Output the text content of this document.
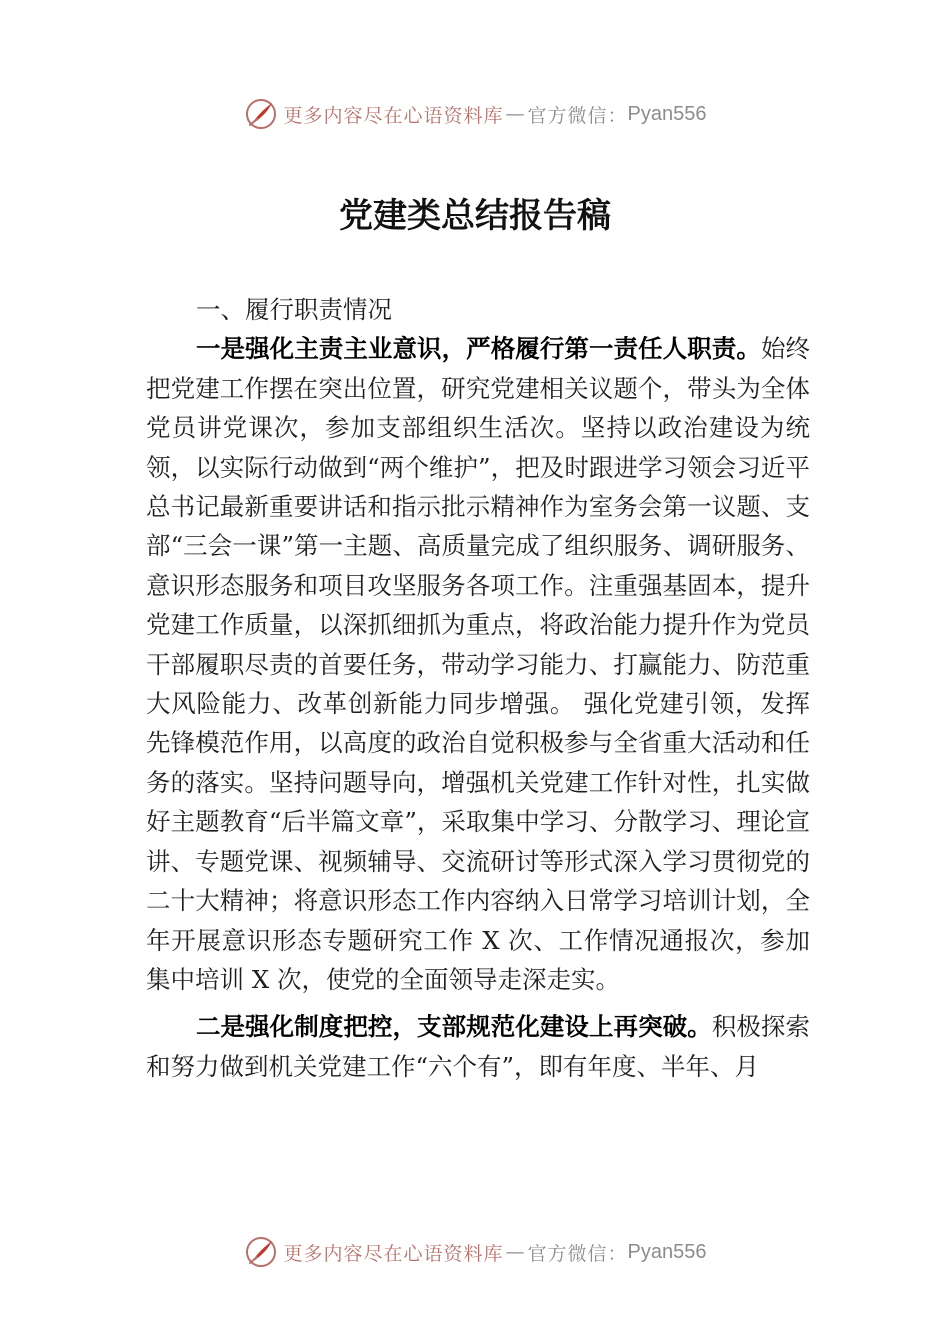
更多内容尽在心语资料库 — 官方微信： Pyan556
党建类总结报告稿

一、履行职责情况

一是强化主责主业意识，严格履行第一责任人职责。始终把党建工作摆在突出位置，研究党建相关议题个，带头为全体党员讲党课次，参加支部组织生活次。坚持以政治建设为统领，以实际行动做到“两个维护”，把及时跟进学习领会习近平总书记最新重要讲话和指示批示精神作为室务会第一议题、支部“三会一课”第一主题、高质量完成了组织服务、调研服务、意识形态服务和项目攻坚服务各项工作。注重强基固本，提升党建工作质量，以深抓细抓为重点，将政治能力提升作为党员干部履职尽责的首要任务，带动学习能力、打赢能力、防范重大风险能力、改革创新能力同步增强。 强化党建引领，发挥先锋模范作用，以高度的政治自觉积极参与全省重大活动和任务的落实。坚持问题导向，增强机关党建工作针对性，扎实做好主题教育“后半篇文章”，采取集中学习、分散学习、理论宣讲、专题党课、视频辅导、交流研讨等形式深入学习贯彻党的二十大精神；将意识形态工作内容纳入日常学习培训计划，全年开展意识形态专题研究工作 X 次、工作情况通报次，参加集中培训 X 次，使党的全面领导走深走实。

二是强化制度把控，支部规范化建设上再突破。积极探索和努力做到机关党建工作“六个有”，即有年度、半年、月

更多内容尽在心语资料库 — 官方微信： Pyan556
